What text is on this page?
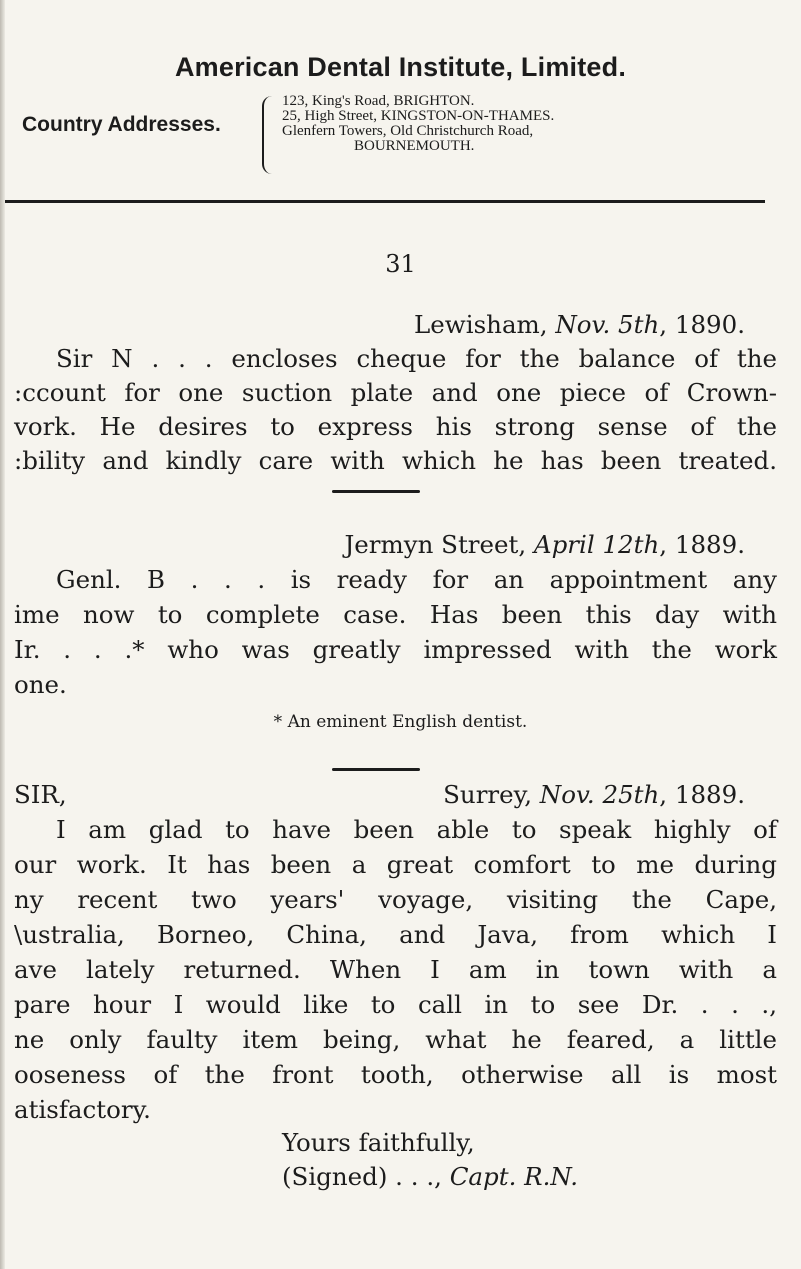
American Dental Institute, Limited.
Country Addresses.
123, King's Road, BRIGHTON.
25, High Street, KINGSTON-ON-THAMES.
Glenfern Towers, Old Christchurch Road,
BOURNEMOUTH.
31
Lewisham, Nov. 5th, 1890.
Sir N . . . encloses cheque for the balance of the
:ccount for one suction plate and one piece of Crown-
vork. He desires to express his strong sense of the
:bility and kindly care with which he has been treated.
Jermyn Street, April 12th, 1889.
Genl. B . . . is ready for an appointment any
ime now to complete case. Has been this day with
Ir. . . .* who was greatly impressed with the work
one.
* An eminent English dentist.
SIR,	Surrey, Nov. 25th, 1889.
I am glad to have been able to speak highly of
our work. It has been a great comfort to me during
ny recent two years' voyage, visiting the Cape,
\ustralia, Borneo, China, and Java, from which I
ave lately returned. When I am in town with a
pare hour I would like to call in to see Dr. . . .,
ne only faulty item being, what he feared, a little
ooseness of the front tooth, otherwise all is most
atisfactory.
Yours faithfully,
(Signed) . . ., Capt. R.N.
